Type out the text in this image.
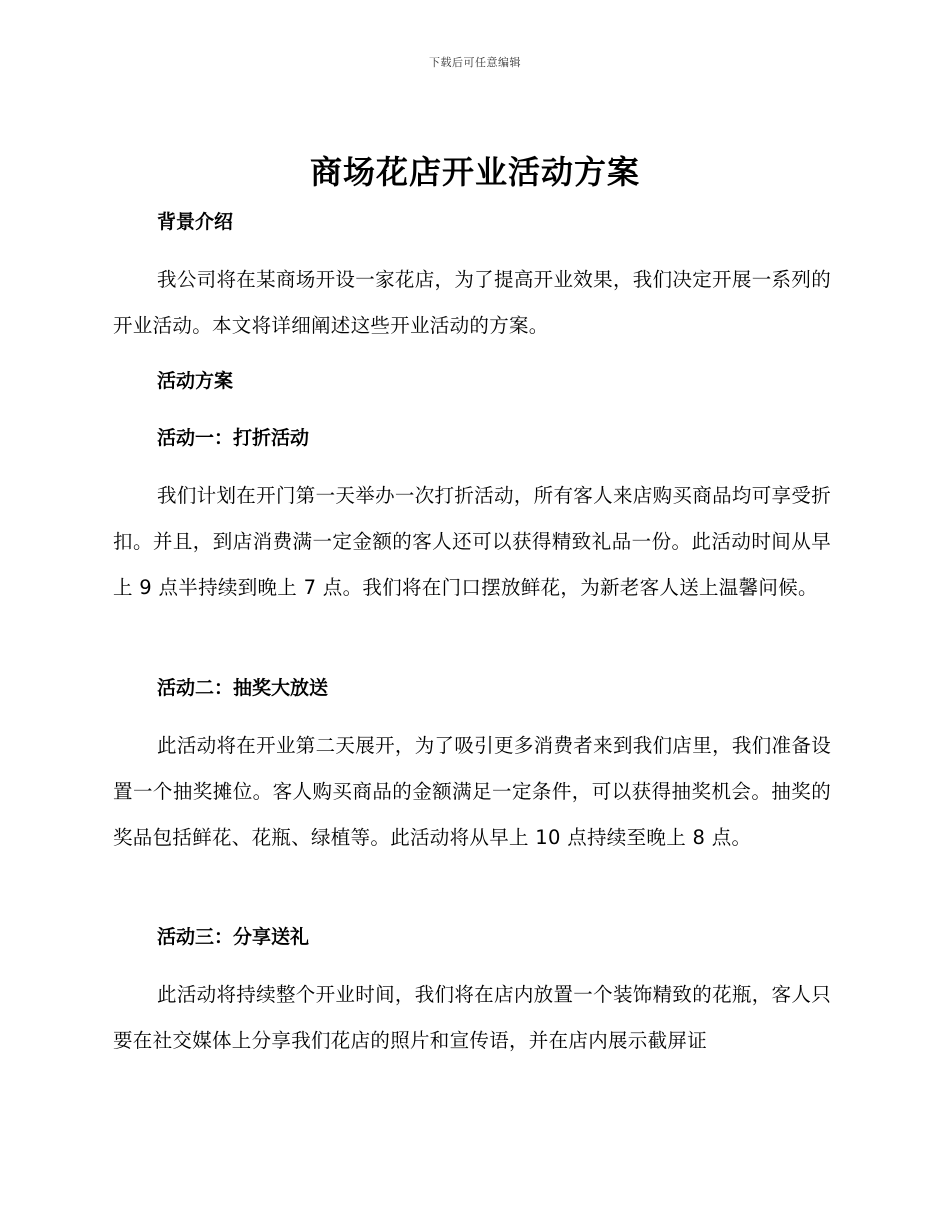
下载后可任意编辑
商场花店开业活动方案
背景介绍
我公司将在某商场开设一家花店，为了提高开业效果，我们决定开展一系列的开业活动。本文将详细阐述这些开业活动的方案。
活动方案
活动一：打折活动
我们计划在开门第一天举办一次打折活动，所有客人来店购买商品均可享受折扣。并且，到店消费满一定金额的客人还可以获得精致礼品一份。此活动时间从早上 9 点半持续到晚上 7 点。我们将在门口摆放鲜花，为新老客人送上温馨问候。
活动二：抽奖大放送
此活动将在开业第二天展开，为了吸引更多消费者来到我们店里，我们准备设置一个抽奖摊位。客人购买商品的金额满足一定条件，可以获得抽奖机会。抽奖的奖品包括鲜花、花瓶、绿植等。此活动将从早上 10 点持续至晚上 8 点。
活动三：分享送礼
此活动将持续整个开业时间，我们将在店内放置一个装饰精致的花瓶，客人只要在社交媒体上分享我们花店的照片和宣传语，并在店内展示截屏证
